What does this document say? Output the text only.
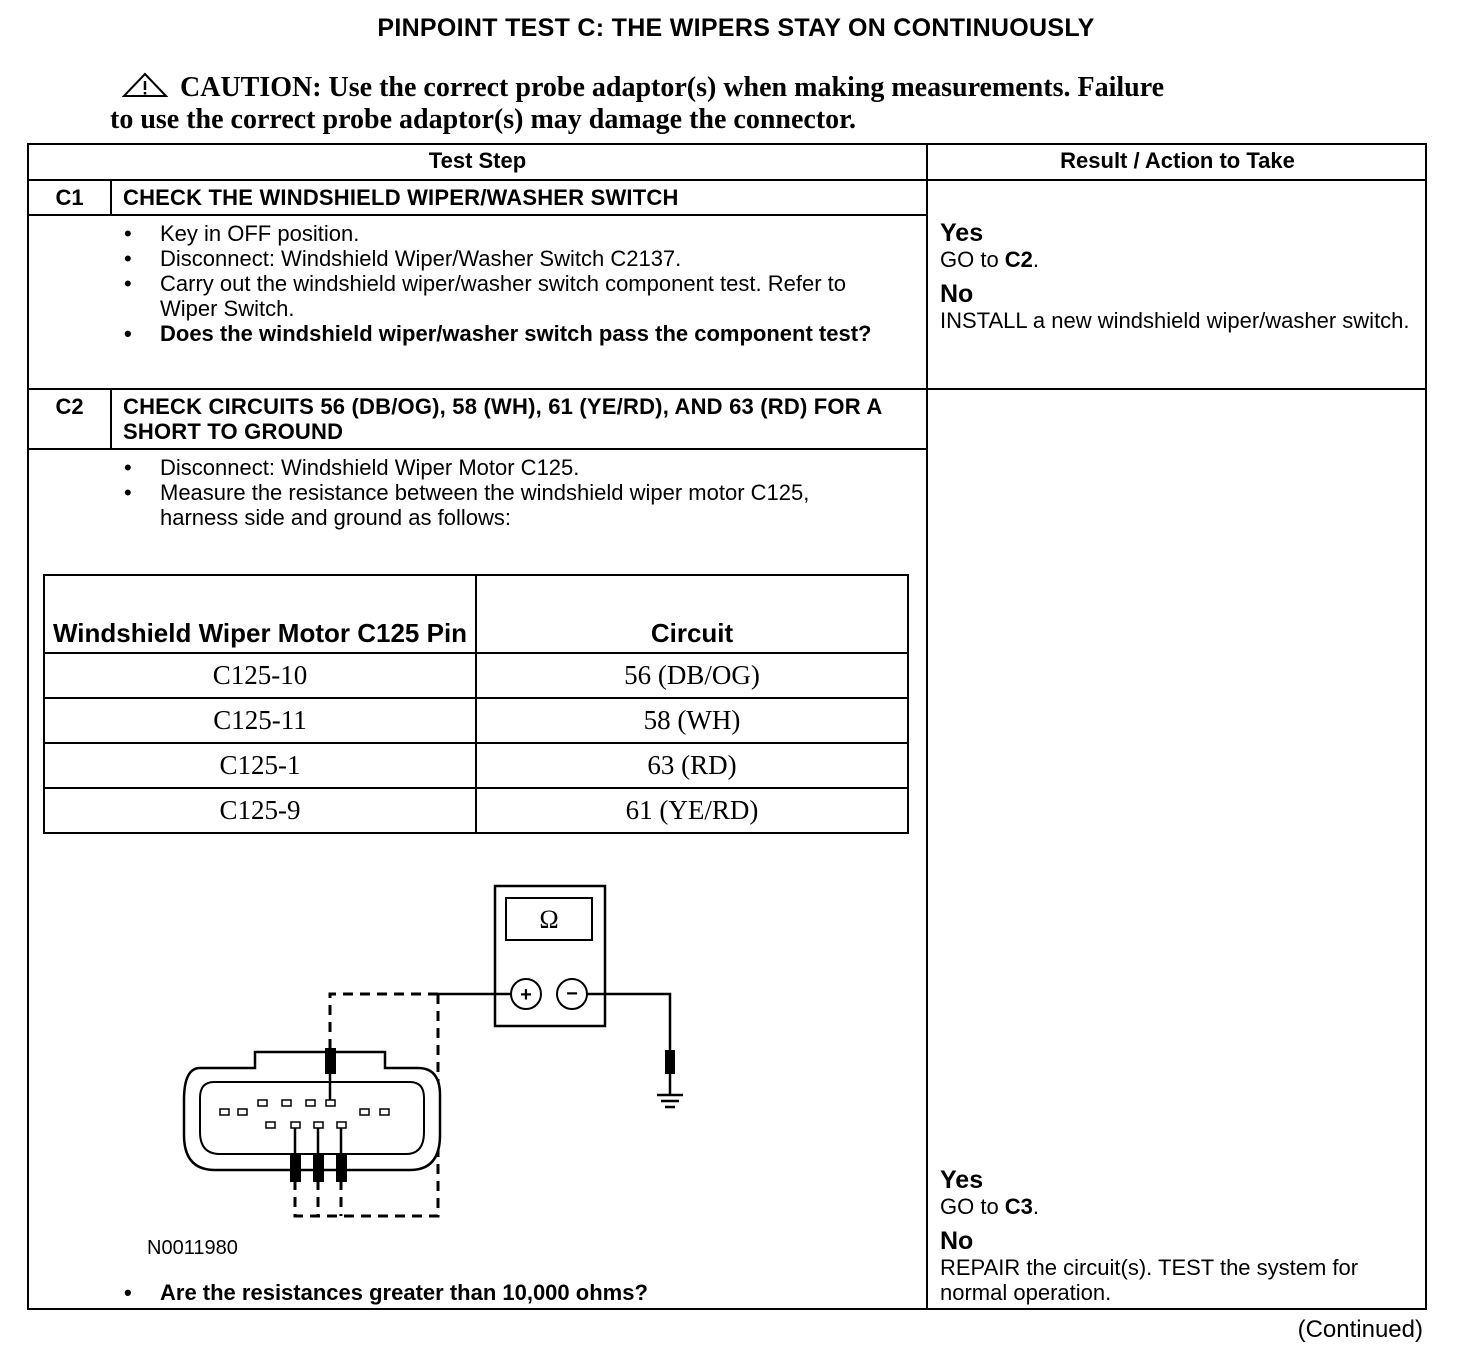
PINPOINT TEST C: THE WIPERS STAY ON CONTINUOUSLY
CAUTION: Use the correct probe adaptor(s) when making measurements. Failure
to use the correct probe adaptor(s) may damage the connector.
Test Step	Result / Action to Take
C1	CHECK THE WINDSHIELD WIPER/WASHER SWITCH
• Key in OFF position.
• Disconnect: Windshield Wiper/Washer Switch C2137.
• Carry out the windshield wiper/washer switch component test. Refer to Wiper Switch.
• Does the windshield wiper/washer switch pass the component test?
Yes
GO to C2.
No
INSTALL a new windshield wiper/washer switch.
C2	CHECK CIRCUITS 56 (DB/OG), 58 (WH), 61 (YE/RD), AND 63 (RD) FOR A SHORT TO GROUND
• Disconnect: Windshield Wiper Motor C125.
• Measure the resistance between the windshield wiper motor C125, harness side and ground as follows:
Windshield Wiper Motor C125 Pin	Circuit
C125-10	56 (DB/OG)
C125-11	58 (WH)
C125-1	63 (RD)
C125-9	61 (YE/RD)
Ω
+ −
N0011980
• Are the resistances greater than 10,000 ohms?
Yes
GO to C3.
No
REPAIR the circuit(s). TEST the system for normal operation.
(Continued)
